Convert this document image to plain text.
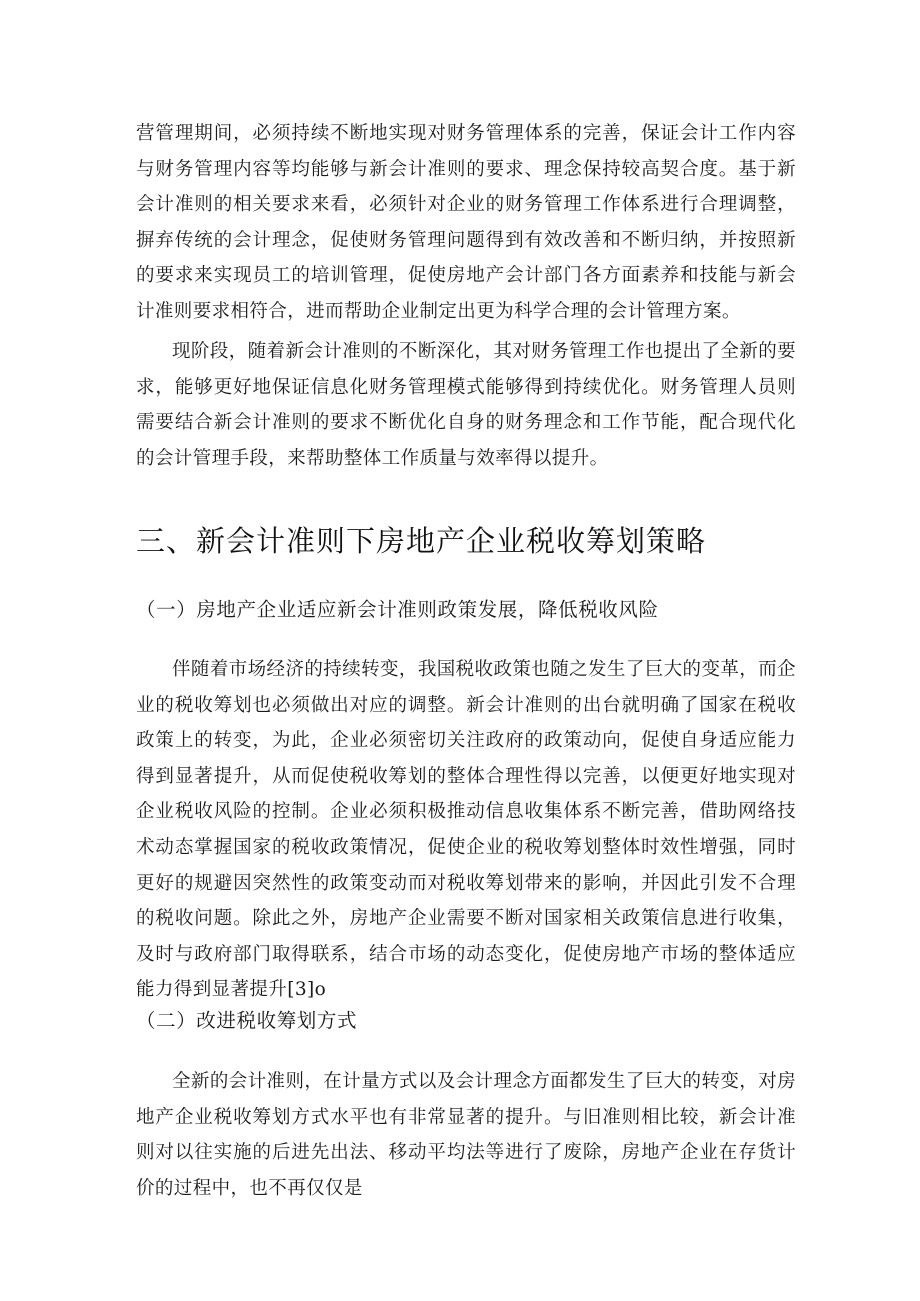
营管理期间，必须持续不断地实现对财务管理体系的完善，保证会计工作内容与财务管理内容等均能够与新会计准则的要求、理念保持较高契合度。基于新会计准则的相关要求来看，必须针对企业的财务管理工作体系进行合理调整，摒弃传统的会计理念，促使财务管理问题得到有效改善和不断归纳，并按照新的要求来实现员工的培训管理，促使房地产会计部门各方面素养和技能与新会计准则要求相符合，进而帮助企业制定出更为科学合理的会计管理方案。

现阶段，随着新会计准则的不断深化，其对财务管理工作也提出了全新的要求，能够更好地保证信息化财务管理模式能够得到持续优化。财务管理人员则需要结合新会计准则的要求不断优化自身的财务理念和工作节能，配合现代化的会计管理手段，来帮助整体工作质量与效率得以提升。

三、新会计准则下房地产企业税收筹划策略
（一）房地产企业适应新会计准则政策发展，降低税收风险

伴随着市场经济的持续转变，我国税收政策也随之发生了巨大的变革，而企业的税收筹划也必须做出对应的调整。新会计准则的出台就明确了国家在税收政策上的转变，为此，企业必须密切关注政府的政策动向，促使自身适应能力得到显著提升，从而促使税收筹划的整体合理性得以完善，以便更好地实现对企业税收风险的控制。企业必须积极推动信息收集体系不断完善，借助网络技术动态掌握国家的税收政策情况，促使企业的税收筹划整体时效性增强，同时更好的规避因突然性的政策变动而对税收筹划带来的影响，并因此引发不合理的税收问题。除此之外，房地产企业需要不断对国家相关政策信息进行收集，及时与政府部门取得联系，结合市场的动态变化，促使房地产市场的整体适应能力得到显著提升[3]o

（二）改进税收筹划方式

全新的会计准则，在计量方式以及会计理念方面都发生了巨大的转变，对房地产企业税收筹划方式水平也有非常显著的提升。与旧准则相比较，新会计准则对以往实施的后进先出法、移动平均法等进行了废除，房地产企业在存货计价的过程中，也不再仅仅是
